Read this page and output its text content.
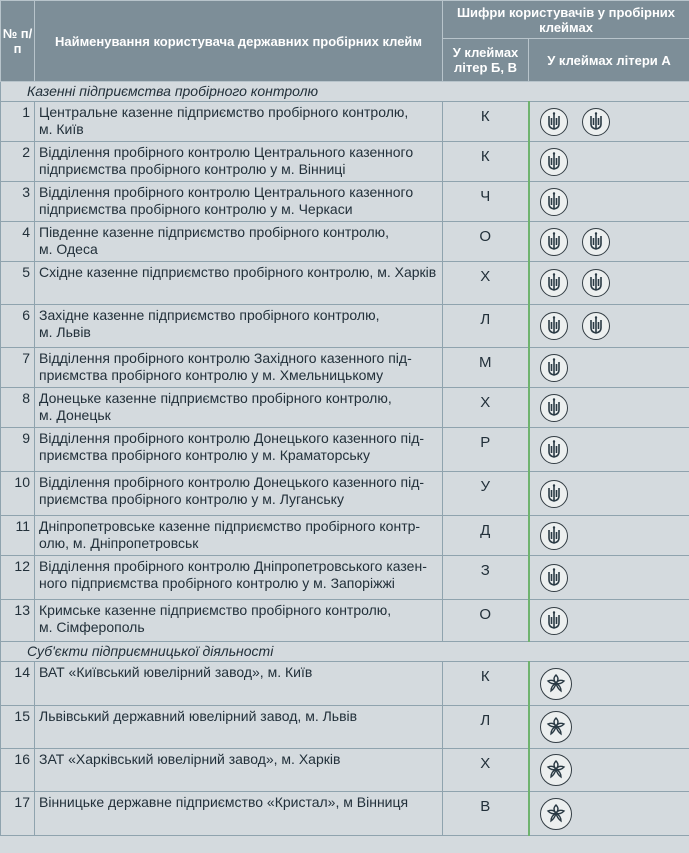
№ п/п	Найменування користувача державних пробірних клейм	Шифри користувачів у пробірних клеймах	
		У клеймах літер Б, В	У клеймах літери А
Казенні підприємства пробірного контролю			
1	Центральне казенне підприємство пробірного контролю,
м. Київ	К	

2	Відділення пробірного контролю Центрального казенного
підприємства пробірного контролю у м. Вінниці	К	

3	Відділення пробірного контролю Центрального казенного
підприємства пробірного контролю у м. Черкаси	Ч	

4	Південне казенне підприємство пробірного контролю,
м. Одеса	О	

5	Східне казенне підприємство пробірного контролю, м. Харків	Х	

6	Західне казенне підприємство пробірного контролю,
м. Львів	Л	

7	Відділення пробірного контролю Західного казенного під-
приємства пробірного контролю у м. Хмельницькому	М	

8	Донецьке казенне підприємство пробірного контролю,
м. Донецьк	Х	

9	Відділення пробірного контролю Донецького казенного під-
приємства пробірного контролю у м. Краматорську	Р	

10	Відділення пробірного контролю Донецького казенного під-
приємства пробірного контролю у м. Луганську	У	

11	Дніпропетровське казенне підприємство пробірного контр-
олю, м. Дніпропетровськ	Д	

12	Відділення пробірного контролю Дніпропетровського казен-
ного підприємства пробірного контролю у м. Запоріжжі	З	

13	Кримське казенне підприємство пробірного контролю,
м. Сімферополь	О	

Суб'єкти підприємницької діяльності			
14	ВАТ «Київський ювелірний завод», м. Київ	К	

15	Львівський державний ювелірний завод, м. Львів	Л	

16	ЗАТ «Харківський ювелірний завод», м. Харків	Х	

17	Вінницьке державне підприємство «Кристал», м Вінниця	В	
